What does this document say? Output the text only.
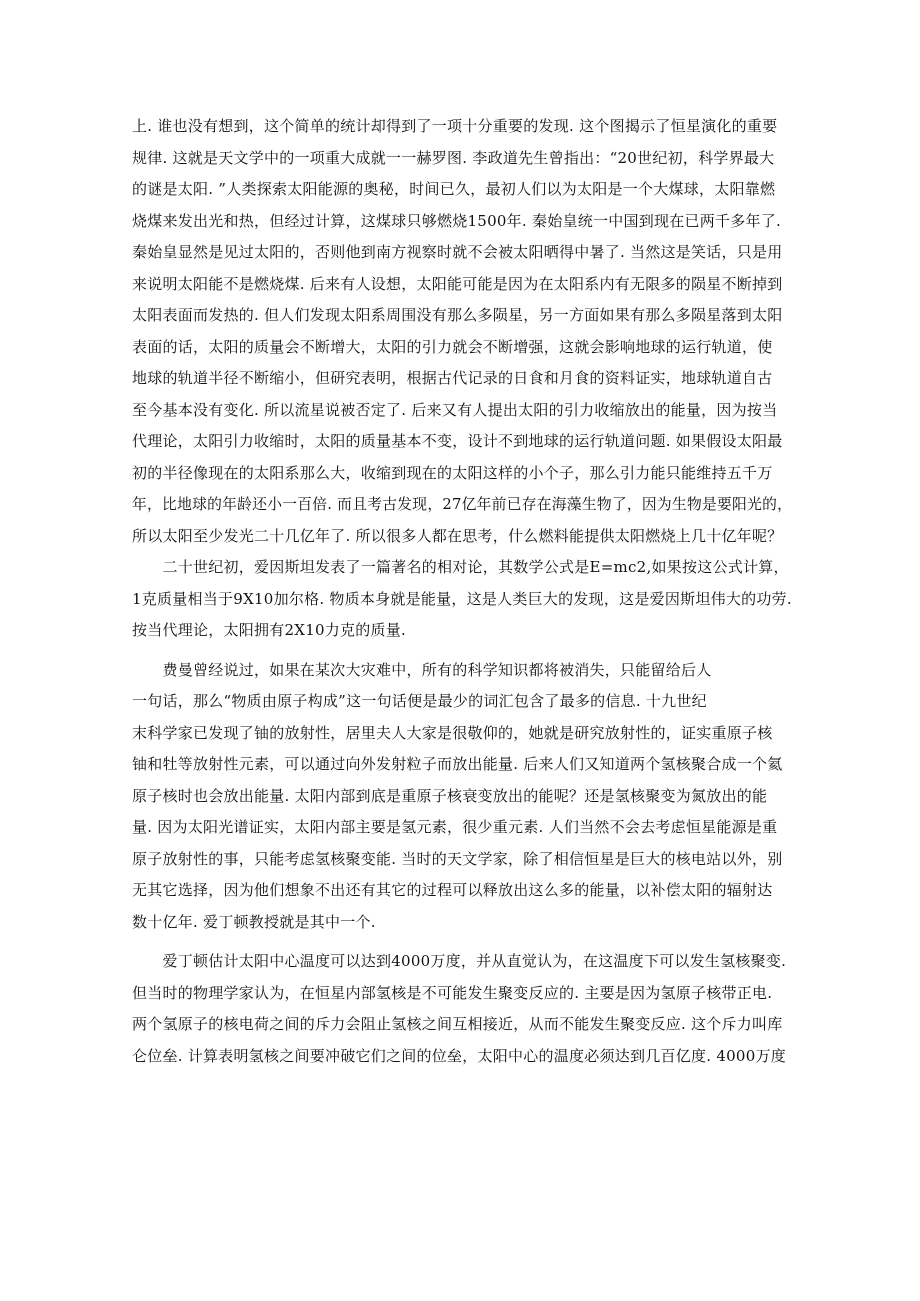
上. 谁也没有想到，这个简单的统计却得到了一项十分重要的发现. 这个图揭示了恒星演化的重要
规律. 这就是天文学中的一项重大成就一一赫罗图. 李政道先生曾指出：“20世纪初，科学界最大
的谜是太阳. ”人类探索太阳能源的奥秘，时间已久，最初人们以为太阳是一个大煤球，太阳靠燃
烧煤来发出光和热，但经过计算，这煤球只够燃烧1500年. 秦始皇统一中国到现在已两千多年了.
秦始皇显然是见过太阳的，否则他到南方视察时就不会被太阳晒得中暑了. 当然这是笑话，只是用
来说明太阳能不是燃烧煤. 后来有人设想，太阳能可能是因为在太阳系内有无限多的陨星不断掉到
太阳表面而发热的. 但人们发现太阳系周围没有那么多陨星，另一方面如果有那么多陨星落到太阳
表面的话，太阳的质量会不断增大，太阳的引力就会不断增强，这就会影响地球的运行轨道，使
地球的轨道半径不断缩小，但研究表明，根据古代记录的日食和月食的资料证实，地球轨道自古
至今基本没有变化. 所以流星说被否定了. 后来又有人提出太阳的引力收缩放出的能量，因为按当
代理论，太阳引力收缩时，太阳的质量基本不变，设计不到地球的运行轨道问题. 如果假设太阳最
初的半径像现在的太阳系那么大，收缩到现在的太阳这样的小个子，那么引力能只能维持五千万
年，比地球的年龄还小一百倍. 而且考古发现，27亿年前已存在海藻生物了，因为生物是要阳光的，
所以太阳至少发光二十几亿年了. 所以很多人都在思考，什么燃料能提供太阳燃烧上几十亿年呢？
　　二十世纪初，爱因斯坦发表了一篇著名的相对论，其数学公式是E=mc2,如果按这公式计算，
1克质量相当于9X10加尔格. 物质本身就是能量，这是人类巨大的发现，这是爱因斯坦伟大的功劳.
按当代理论，太阳拥有2X10力克的质量.
　　费曼曾经说过，如果在某次大灾难中，所有的科学知识都将被消失，只能留给后人
一句话，那么“物质由原子构成”这一句话便是最少的词汇包含了最多的信息. 十九世纪
末科学家已发现了铀的放射性，居里夫人大家是很敬仰的，她就是研究放射性的，证实重原子核
铀和牡等放射性元素，可以通过向外发射粒子而放出能量. 后来人们又知道两个氢核聚合成一个氦
原子核时也会放出能量. 太阳内部到底是重原子核衰变放出的能呢？还是氢核聚变为氮放出的能
量. 因为太阳光谱证实，太阳内部主要是氢元素，很少重元素. 人们当然不会去考虑恒星能源是重
原子放射性的事，只能考虑氢核聚变能. 当时的天文学家，除了相信恒星是巨大的核电站以外，别
无其它选择，因为他们想象不出还有其它的过程可以释放出这么多的能量，以补偿太阳的辐射达
数十亿年. 爱丁顿教授就是其中一个.
　　爱丁顿估计太阳中心温度可以达到4000万度，并从直觉认为，在这温度下可以发生氢核聚变.
但当时的物理学家认为，在恒星内部氢核是不可能发生聚变反应的. 主要是因为氢原子核带正电.
两个氢原子的核电荷之间的斥力会阻止氢核之间互相接近，从而不能发生聚变反应. 这个斥力叫库
仑位垒. 计算表明氢核之间要冲破它们之间的位垒，太阳中心的温度必须达到几百亿度. 4000万度
